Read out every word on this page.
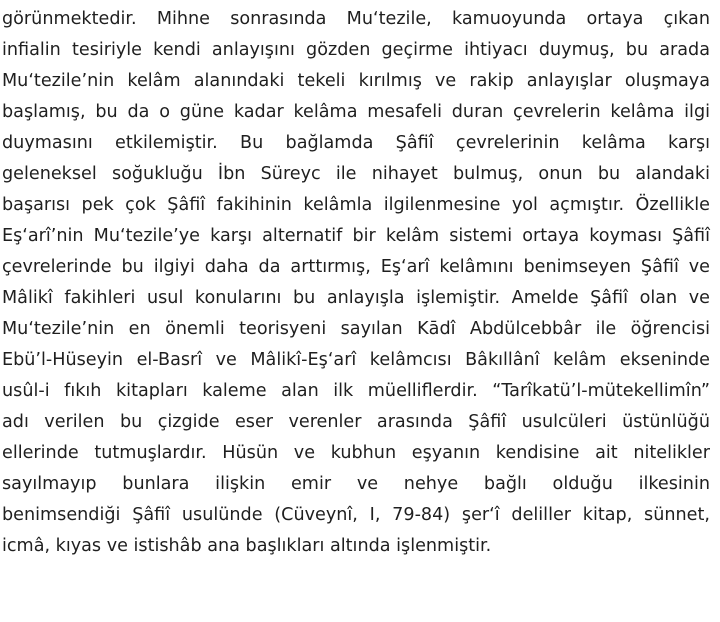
görünmektedir. Mihne sonrasında Mu‘tezile, kamuoyunda ortaya çıkan
infialin tesiriyle kendi anlayışını gözden geçirme ihtiyacı duymuş, bu arada
Mu‘tezile’nin kelâm alanındaki tekeli kırılmış ve rakip anlayışlar oluşmaya
başlamış, bu da o güne kadar kelâma mesafeli duran çevrelerin kelâma ilgi
duymasını etkilemiştir. Bu bağlamda Şâfiî çevrelerinin kelâma karşı
geleneksel soğukluğu İbn Süreyc ile nihayet bulmuş, onun bu alandaki
başarısı pek çok Şâfiî fakihinin kelâmla ilgilenmesine yol açmıştır. Özellikle
Eş‘arî’nin Mu‘tezile’ye karşı alternatif bir kelâm sistemi ortaya koyması Şâfiî
çevrelerinde bu ilgiyi daha da arttırmış, Eş‘arî kelâmını benimseyen Şâfiî ve
Mâlikî fakihleri usul konularını bu anlayışla işlemiştir. Amelde Şâfiî olan ve
Mu‘tezile’nin en önemli teorisyeni sayılan Kādî Abdülcebbâr ile öğrencisi
Ebü’l-Hüseyin el-Basrî ve Mâlikî-Eş‘arî kelâmcısı Bâkıllânî kelâm ekseninde
usûl-i fıkıh kitapları kaleme alan ilk müelliflerdir. “Tarîkatü’l-mütekellimîn”
adı verilen bu çizgide eser verenler arasında Şâfiî usulcüleri üstünlüğü
ellerinde tutmuşlardır. Hüsün ve kubhun eşyanın kendisine ait nitelikler
sayılmayıp bunlara ilişkin emir ve nehye bağlı olduğu ilkesinin
benimsendiği Şâfiî usulünde (Cüveynî, I, 79-84) şer‘î deliller kitap, sünnet,
icmâ, kıyas ve istishâb ana başlıkları altında işlenmiştir.
